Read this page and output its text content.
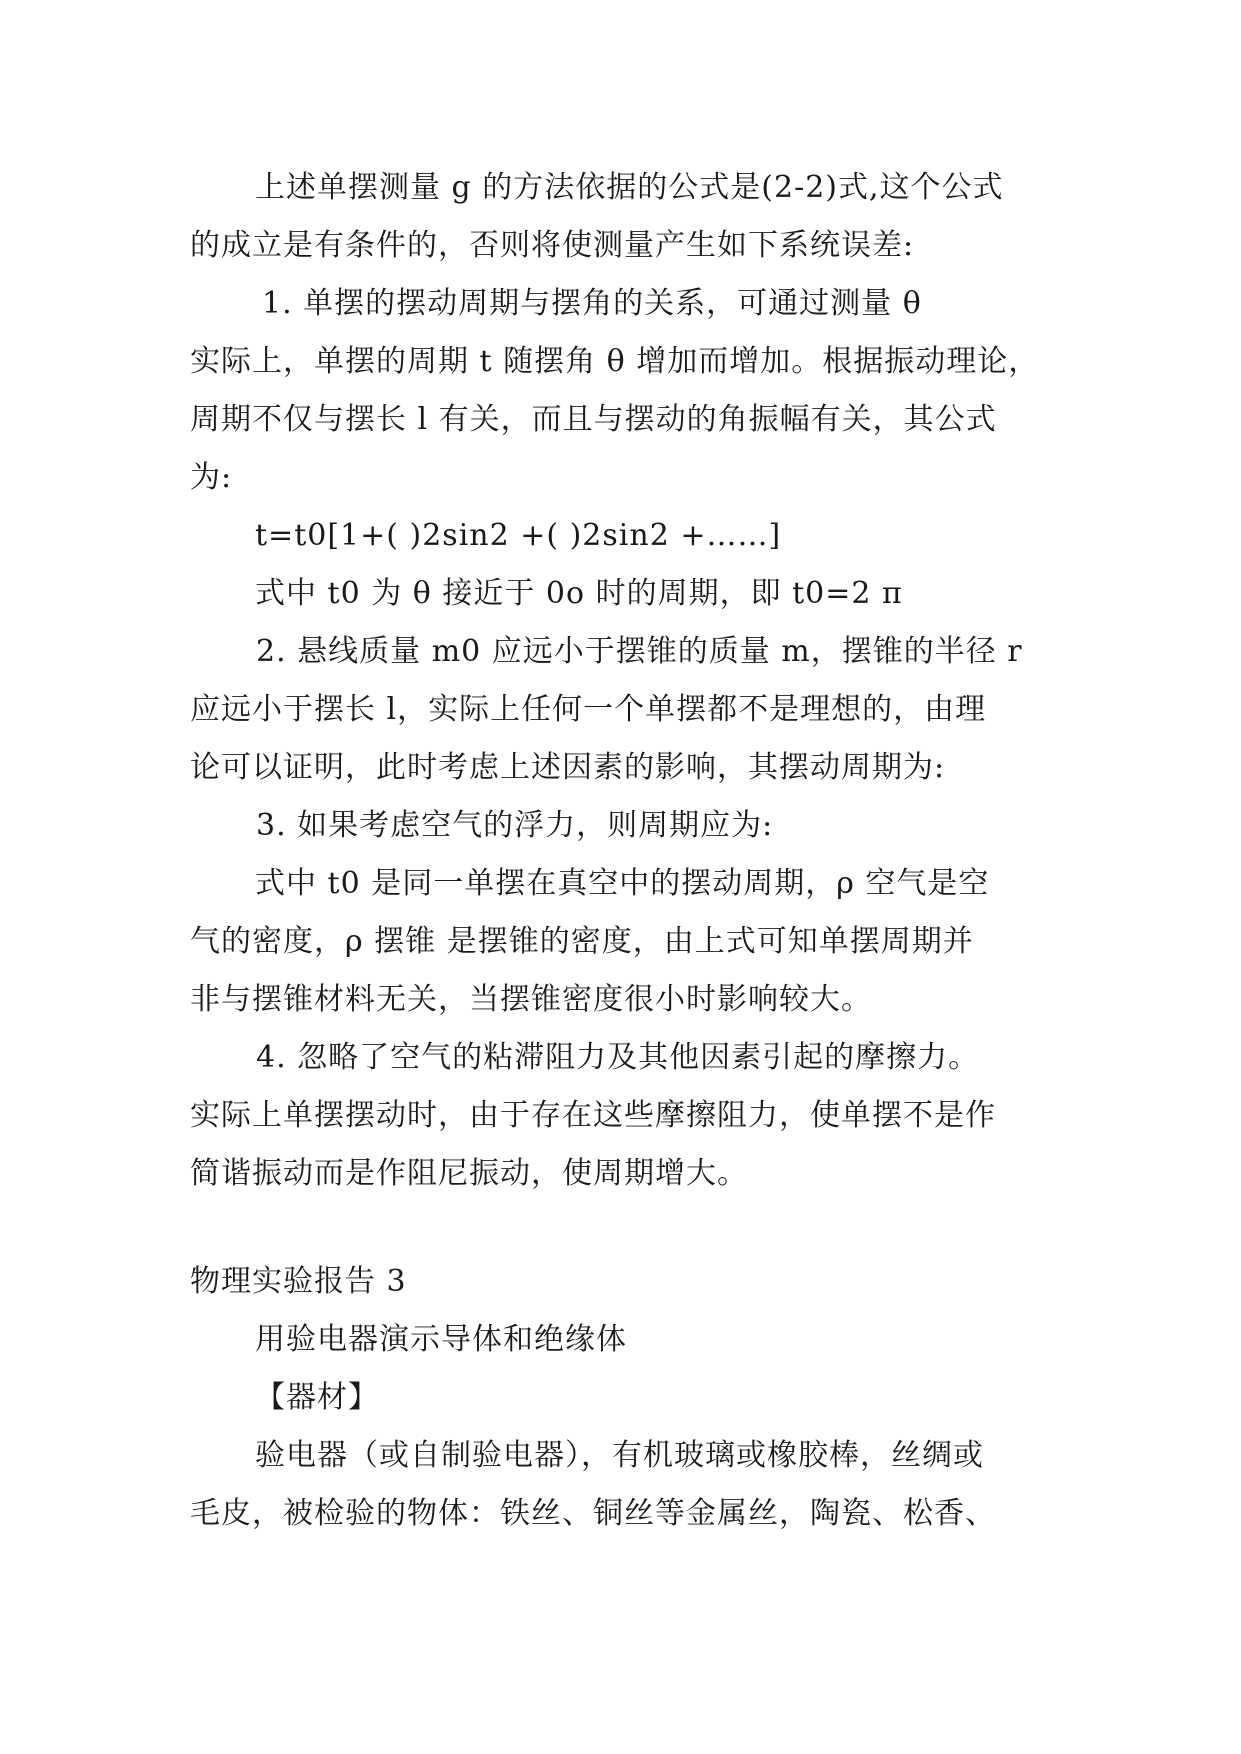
上述单摆测量 g 的方法依据的公式是(2-2)式,这个公式
的成立是有条件的，否则将使测量产生如下系统误差:
1. 单摆的摆动周期与摆角的关系，可通过测量 θ
实际上，单摆的周期 t 随摆角 θ 增加而增加。根据振动理论，
周期不仅与摆长 l 有关，而且与摆动的角振幅有关，其公式
为:
t=t0[1+( )2sin2 +( )2sin2 +……]
式中 t0 为 θ 接近于 0o 时的周期，即 t0=2 π
2. 悬线质量 m0 应远小于摆锥的质量 m，摆锥的半径 r
应远小于摆长 l，实际上任何一个单摆都不是理想的，由理
论可以证明，此时考虑上述因素的影响，其摆动周期为:
3. 如果考虑空气的浮力，则周期应为:
式中 t0 是同一单摆在真空中的摆动周期，ρ 空气是空
气的密度，ρ 摆锥 是摆锥的密度，由上式可知单摆周期并
非与摆锥材料无关，当摆锥密度很小时影响较大。
4. 忽略了空气的粘滞阻力及其他因素引起的摩擦力。
实际上单摆摆动时，由于存在这些摩擦阻力，使单摆不是作
简谐振动而是作阻尼振动，使周期增大。
物理实验报告 3
用验电器演示导体和绝缘体
【器材】
验电器（或自制验电器），有机玻璃或橡胶棒，丝绸或
毛皮，被检验的物体：铁丝、铜丝等金属丝，陶瓷、松香、
